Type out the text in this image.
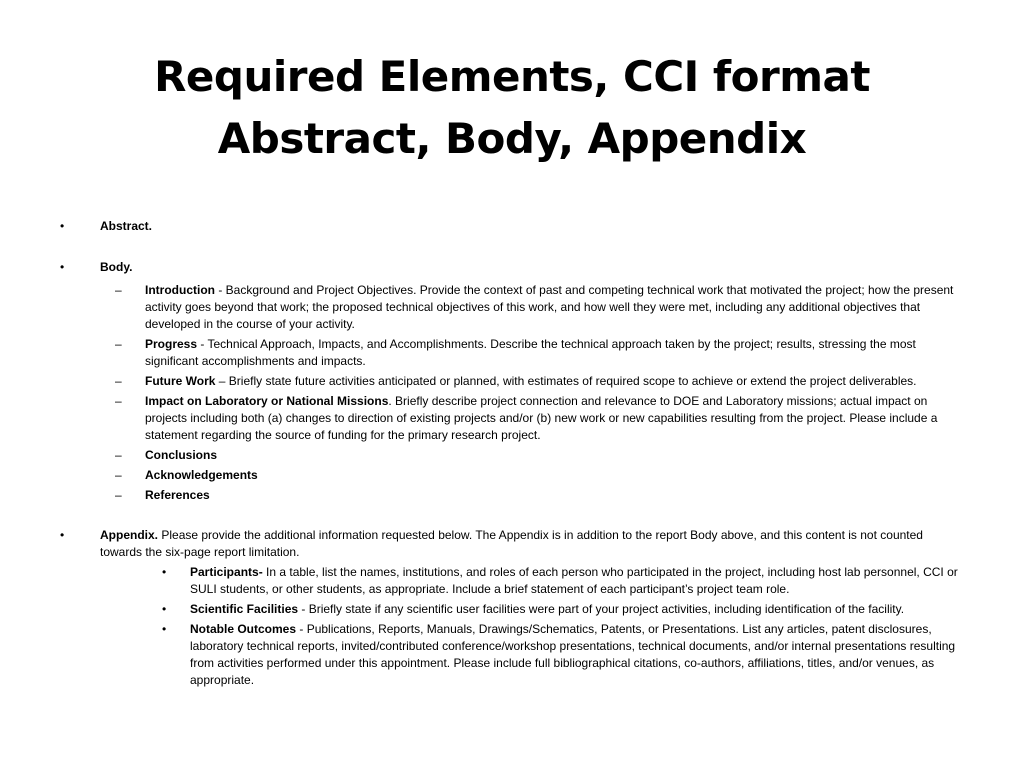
Required Elements, CCI format
Abstract, Body, Appendix
•	Abstract.
•	Body.
– Introduction - Background and Project Objectives. Provide the context of past and competing technical work that motivated the project; how the present activity goes beyond that work; the proposed technical objectives of this work, and how well they were met, including any additional objectives that developed in the course of your activity.
– Progress - Technical Approach, Impacts, and Accomplishments. Describe the technical approach taken by the project; results, stressing the most significant accomplishments and impacts.
– Future Work – Briefly state future activities anticipated or planned, with estimates of required scope to achieve or extend the project deliverables.
– Impact on Laboratory or National Missions. Briefly describe project connection and relevance to DOE and Laboratory missions; actual impact on projects including both (a) changes to direction of existing projects and/or (b) new work or new capabilities resulting from the project. Please include a statement regarding the source of funding for the primary research project.
– Conclusions
– Acknowledgements
– References
•	Appendix. Please provide the additional information requested below. The Appendix is in addition to the report Body above, and this content is not counted towards the six-page report limitation.
• Participants- In a table, list the names, institutions, and roles of each person who participated in the project, including host lab personnel, CCI or SULI students, or other students, as appropriate. Include a brief statement of each participant’s project team role.
• Scientific Facilities - Briefly state if any scientific user facilities were part of your project activities, including identification of the facility.
• Notable Outcomes - Publications, Reports, Manuals, Drawings/Schematics, Patents, or Presentations. List any articles, patent disclosures, laboratory technical reports, invited/contributed conference/workshop presentations, technical documents, and/or internal presentations resulting from activities performed under this appointment. Please include full bibliographical citations, co-authors, affiliations, titles, and/or venues, as appropriate.
